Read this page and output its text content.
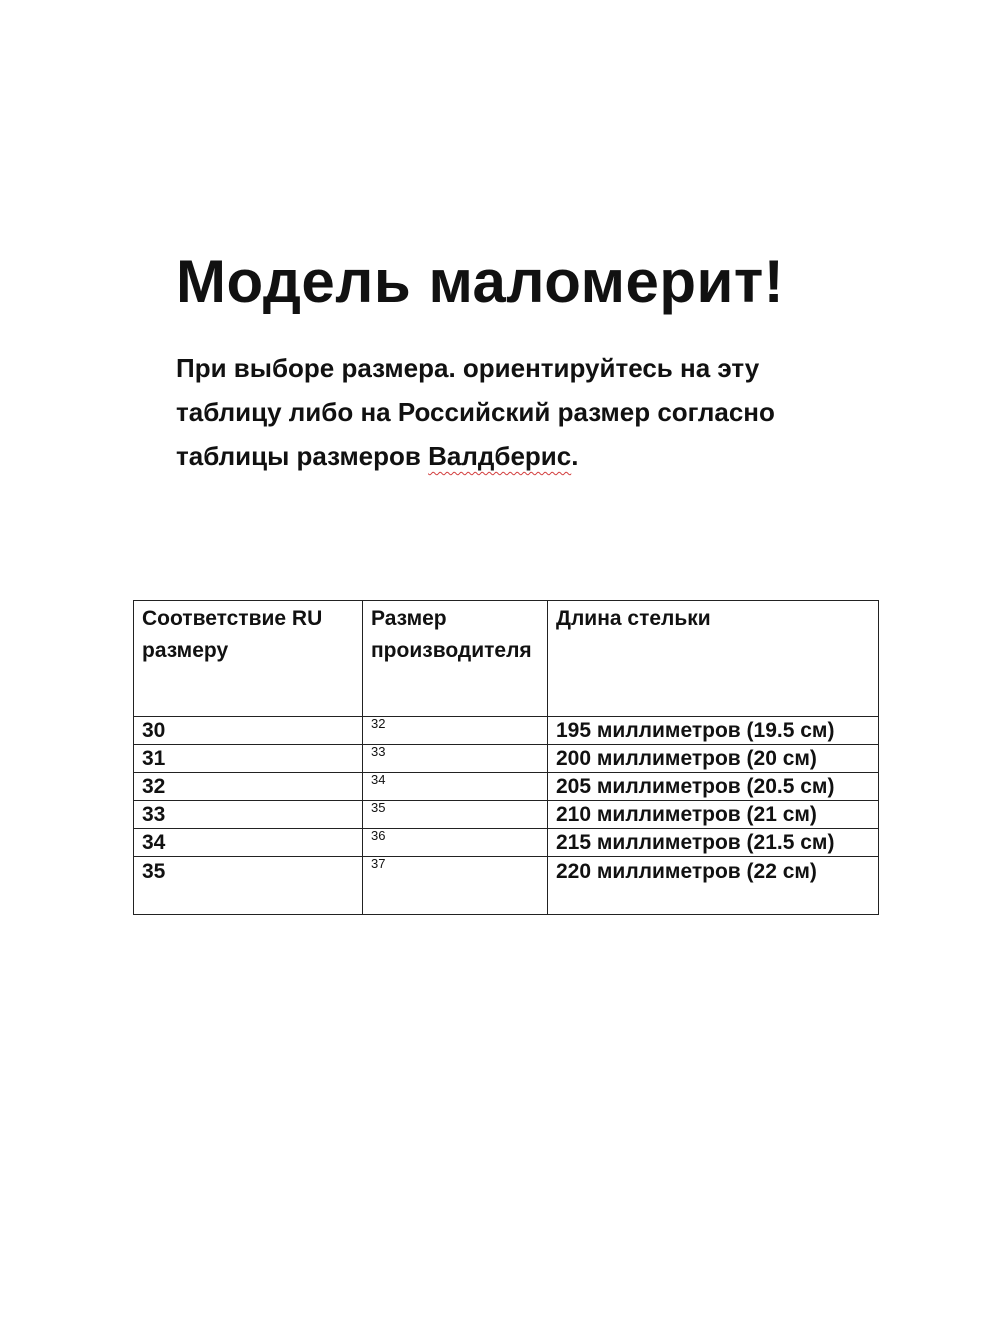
Модель маломерит!
При выборе размера. ориентируйтесь на эту
таблицу либо на Российский размер согласно
таблицы размеров Валдберис.
Соответствие RU размеру	Размер производителя	Длина стельки
30	32	195 миллиметров (19.5 см)
31	33	200 миллиметров (20 см)
32	34	205 миллиметров (20.5 см)
33	35	210 миллиметров (21 см)
34	36	215 миллиметров (21.5 см)
35	37	220 миллиметров (22 см)
